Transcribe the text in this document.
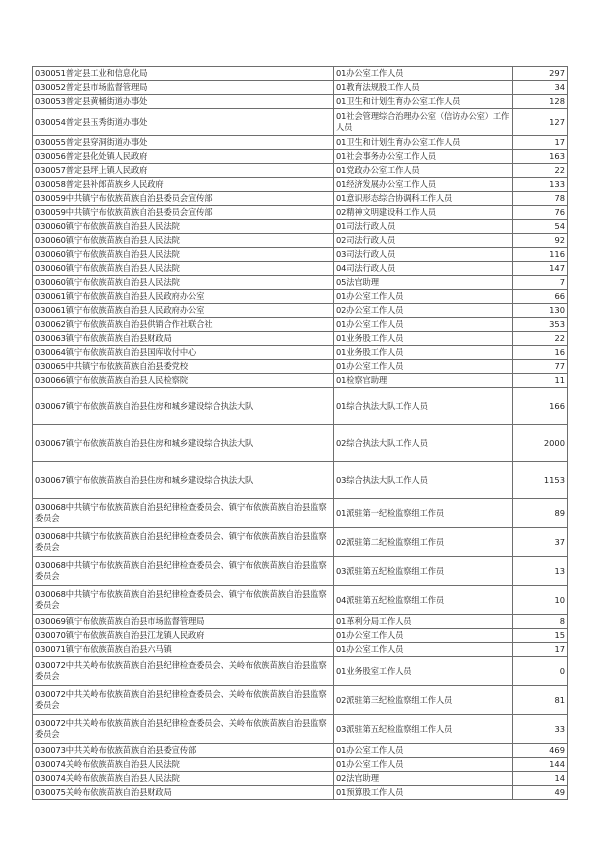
030051普定县工业和信息化局	01办公室工作人员	297
030052普定县市场监督管理局	01教育法规股工作人员	34
030053普定县黄桶街道办事处	01卫生和计划生育办公室工作人员	128
030054普定县玉秀街道办事处	01社会管理综合治理办公室（信访办公室）工作人员	127
030055普定县穿洞街道办事处	01卫生和计划生育办公室工作人员	17
030056普定县化处镇人民政府	01社会事务办公室工作人员	163
030057普定县坪上镇人民政府	01党政办公室工作人员	22
030058普定县补郎苗族乡人民政府	01经济发展办公室工作人员	133
030059中共镇宁布依族苗族自治县委员会宣传部	01意识形态综合协调科工作人员	78
030059中共镇宁布依族苗族自治县委员会宣传部	02精神文明建设科工作人员	76
030060镇宁布依族苗族自治县人民法院	01司法行政人员	54
030060镇宁布依族苗族自治县人民法院	02司法行政人员	92
030060镇宁布依族苗族自治县人民法院	03司法行政人员	116
030060镇宁布依族苗族自治县人民法院	04司法行政人员	147
030060镇宁布依族苗族自治县人民法院	05法官助理	7
030061镇宁布依族苗族自治县人民政府办公室	01办公室工作人员	66
030061镇宁布依族苗族自治县人民政府办公室	02办公室工作人员	130
030062镇宁布依族苗族自治县供销合作社联合社	01办公室工作人员	353
030063镇宁布依族苗族自治县财政局	01业务股工作人员	22
030064镇宁布依族苗族自治县国库收付中心	01业务股工作人员	16
030065中共镇宁布依族苗族自治县委党校	01办公室工作人员	77
030066镇宁布依族苗族自治县人民检察院	01检察官助理	11
030067镇宁布依族苗族自治县住房和城乡建设综合执法大队	01综合执法大队工作人员	166
030067镇宁布依族苗族自治县住房和城乡建设综合执法大队	02综合执法大队工作人员	2000
030067镇宁布依族苗族自治县住房和城乡建设综合执法大队	03综合执法大队工作人员	1153
030068中共镇宁布依族苗族自治县纪律检查委员会、镇宁布依族苗族自治县监察委员会	01派驻第一纪检监察组工作员	89
030068中共镇宁布依族苗族自治县纪律检查委员会、镇宁布依族苗族自治县监察委员会	02派驻第二纪检监察组工作员	37
030068中共镇宁布依族苗族自治县纪律检查委员会、镇宁布依族苗族自治县监察委员会	03派驻第五纪检监察组工作员	13
030068中共镇宁布依族苗族自治县纪律检查委员会、镇宁布依族苗族自治县监察委员会	04派驻第五纪检监察组工作员	10
030069镇宁布依族苗族自治县市场监督管理局	01革利分局工作人员	8
030070镇宁布依族苗族自治县江龙镇人民政府	01办公室工作人员	15
030071镇宁布依族苗族自治县六马镇	01办公室工作人员	17
030072中共关岭布依族苗族自治县纪律检查委员会、关岭布依族苗族自治县监察委员会	01业务股室工作人员	0
030072中共关岭布依族苗族自治县纪律检查委员会、关岭布依族苗族自治县监察委员会	02派驻第三纪检监察组工作人员	81
030072中共关岭布依族苗族自治县纪律检查委员会、关岭布依族苗族自治县监察委员会	03派驻第五纪检监察组工作人员	33
030073中共关岭布依族苗族自治县委宣传部	01办公室工作人员	469
030074关岭布依族苗族自治县人民法院	01办公室工作人员	144
030074关岭布依族苗族自治县人民法院	02法官助理	14
030075关岭布依族苗族自治县财政局	01预算股工作人员	49
